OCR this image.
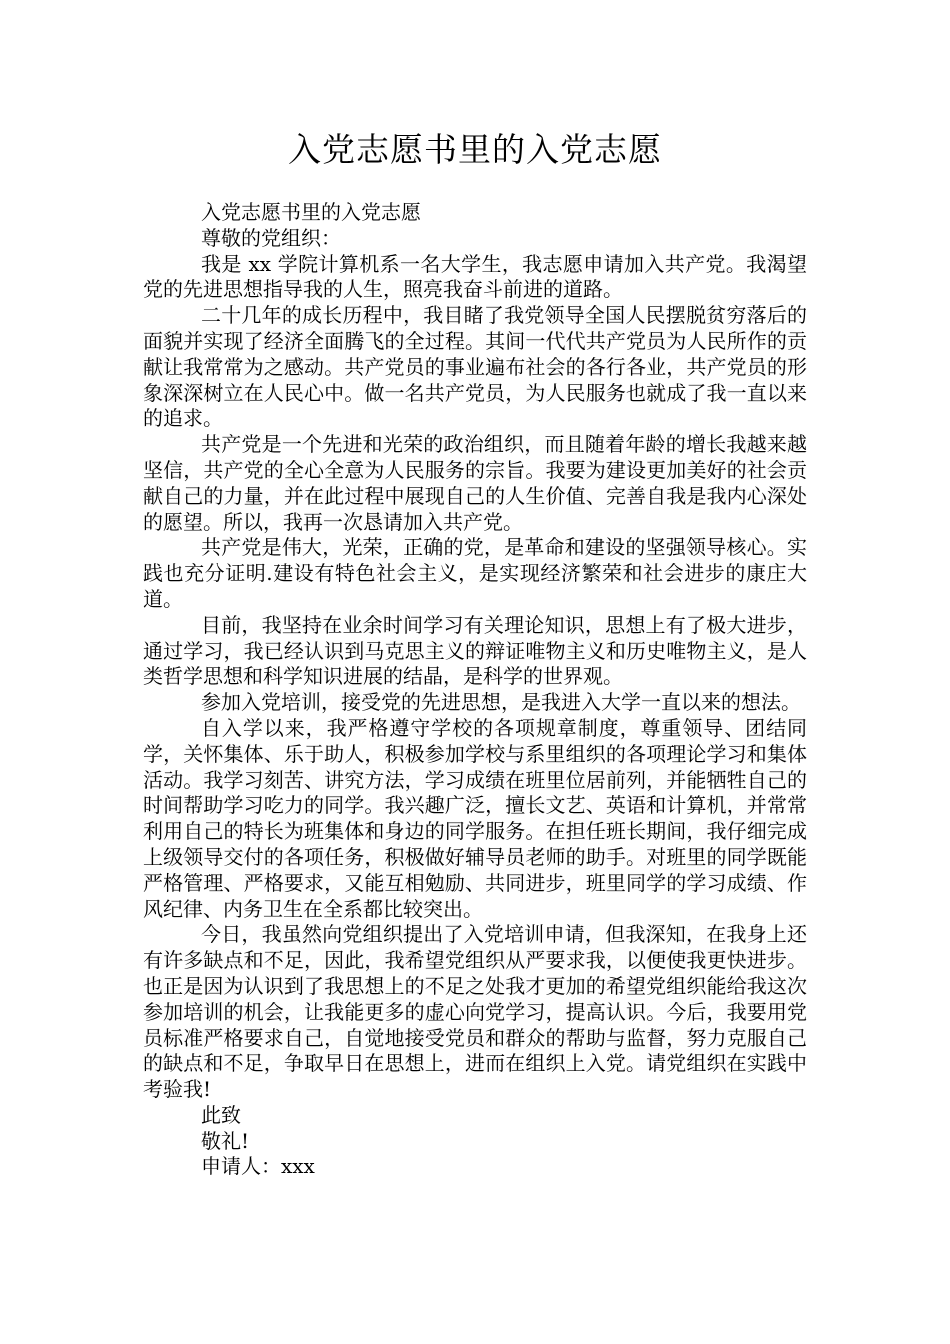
入党志愿书里的入党志愿

入党志愿书里的入党志愿

尊敬的党组织：

我是 xx 学院计算机系一名大学生，我志愿申请加入共产党。我渴望党的先进思想指导我的人生，照亮我奋斗前进的道路。

二十几年的成长历程中，我目睹了我党领导全国人民摆脱贫穷落后的面貌并实现了经济全面腾飞的全过程。其间一代代共产党员为人民所作的贡献让我常常为之感动。共产党员的事业遍布社会的各行各业，共产党员的形象深深树立在人民心中。做一名共产党员，为人民服务也就成了我一直以来的追求。

共产党是一个先进和光荣的政治组织，而且随着年龄的增长我越来越坚信，共产党的全心全意为人民服务的宗旨。我要为建设更加美好的社会贡献自己的力量，并在此过程中展现自己的人生价值、完善自我是我内心深处的愿望。所以，我再一次恳请加入共产党。

共产党是伟大，光荣，正确的党，是革命和建设的坚强领导核心。实践也充分证明.建设有特色社会主义，是实现经济繁荣和社会进步的康庄大道。

目前，我坚持在业余时间学习有关理论知识，思想上有了极大进步，通过学习，我已经认识到马克思主义的辩证唯物主义和历史唯物主义，是人类哲学思想和科学知识进展的结晶，是科学的世界观。

参加入党培训，接受党的先进思想，是我进入大学一直以来的想法。

自入学以来，我严格遵守学校的各项规章制度，尊重领导、团结同学，关怀集体、乐于助人，积极参加学校与系里组织的各项理论学习和集体活动。我学习刻苦、讲究方法，学习成绩在班里位居前列，并能牺牲自己的时间帮助学习吃力的同学。我兴趣广泛，擅长文艺、英语和计算机，并常常利用自己的特长为班集体和身边的同学服务。在担任班长期间，我仔细完成上级领导交付的各项任务，积极做好辅导员老师的助手。对班里的同学既能严格管理、严格要求，又能互相勉励、共同进步，班里同学的学习成绩、作风纪律、内务卫生在全系都比较突出。

今日，我虽然向党组织提出了入党培训申请，但我深知，在我身上还有许多缺点和不足，因此，我希望党组织从严要求我，以便使我更快进步。也正是因为认识到了我思想上的不足之处我才更加的希望党组织能给我这次参加培训的机会，让我能更多的虚心向党学习，提高认识。今后，我要用党员标准严格要求自己，自觉地接受党员和群众的帮助与监督，努力克服自己的缺点和不足，争取早日在思想上，进而在组织上入党。请党组织在实践中考验我!

此致

敬礼!

申请人：xxx
